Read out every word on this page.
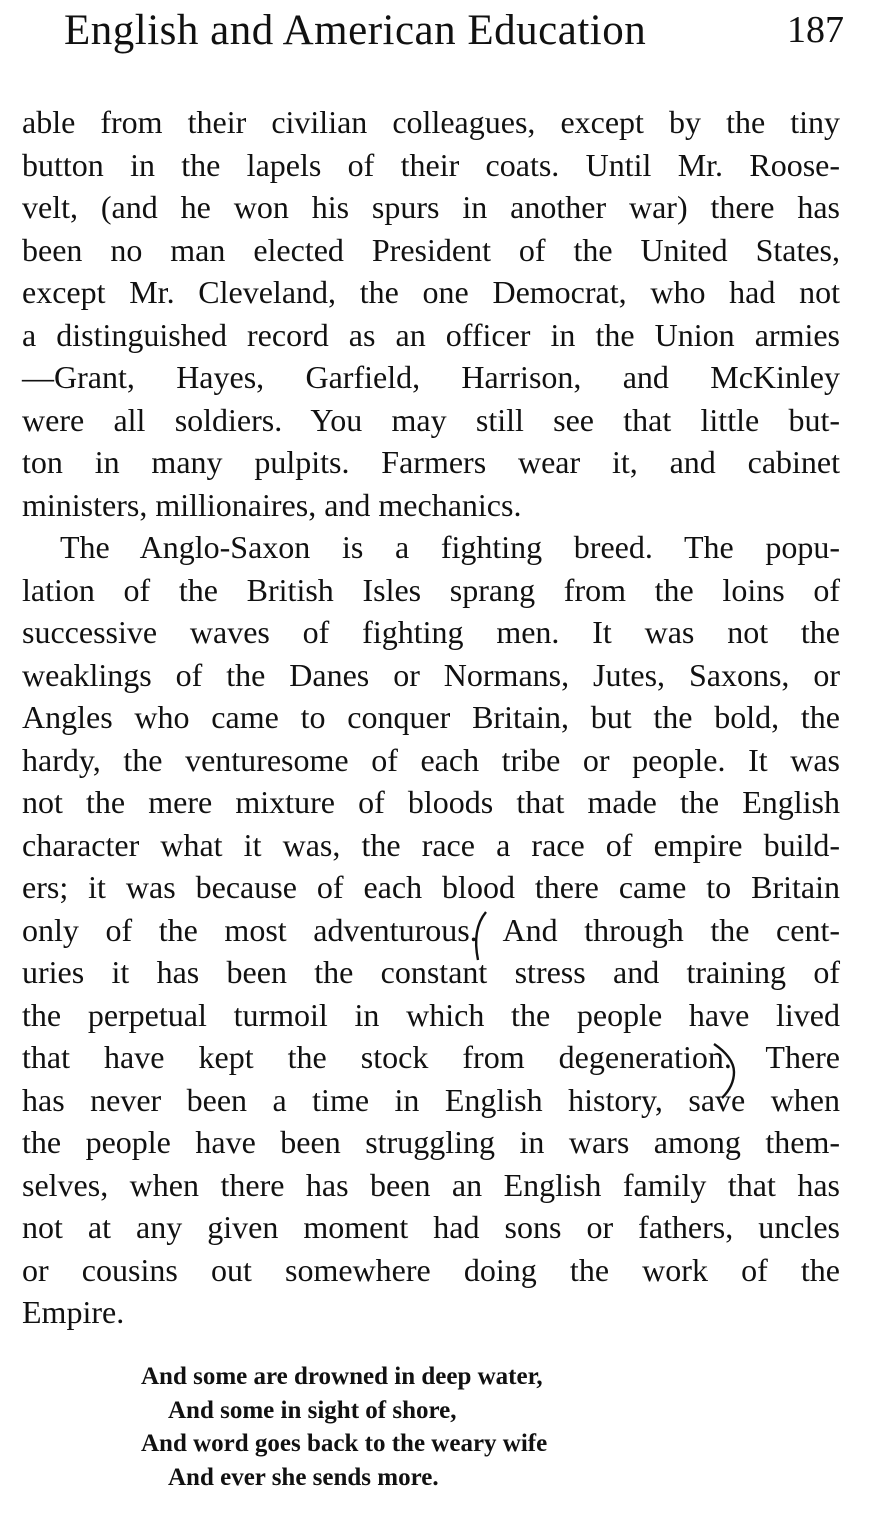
English and American Education	187
able from their civilian colleagues, except by the tiny
button in the lapels of their coats. Until Mr. Roose-
velt, (and he won his spurs in another war) there has
been no man elected President of the United States,
except Mr. Cleveland, the one Democrat, who had not
a distinguished record as an officer in the Union armies
—Grant, Hayes, Garfield, Harrison, and McKinley
were all soldiers. You may still see that little but-
ton in many pulpits. Farmers wear it, and cabinet
ministers, millionaires, and mechanics.
The Anglo-Saxon is a fighting breed. The popu-
lation of the British Isles sprang from the loins of
successive waves of fighting men. It was not the
weaklings of the Danes or Normans, Jutes, Saxons, or
Angles who came to conquer Britain, but the bold, the
hardy, the venturesome of each tribe or people. It was
not the mere mixture of bloods that made the English
character what it was, the race a race of empire build-
ers; it was because of each blood there came to Britain
only of the most adventurous. And through the cent-
uries it has been the constant stress and training of
the perpetual turmoil in which the people have lived
that have kept the stock from degeneration. There
has never been a time in English history, save when
the people have been struggling in wars among them-
selves, when there has been an English family that has
not at any given moment had sons or fathers, uncles
or cousins out somewhere doing the work of the
Empire.
And some are drowned in deep water,
And some in sight of shore,
And word goes back to the weary wife
And ever she sends more.
